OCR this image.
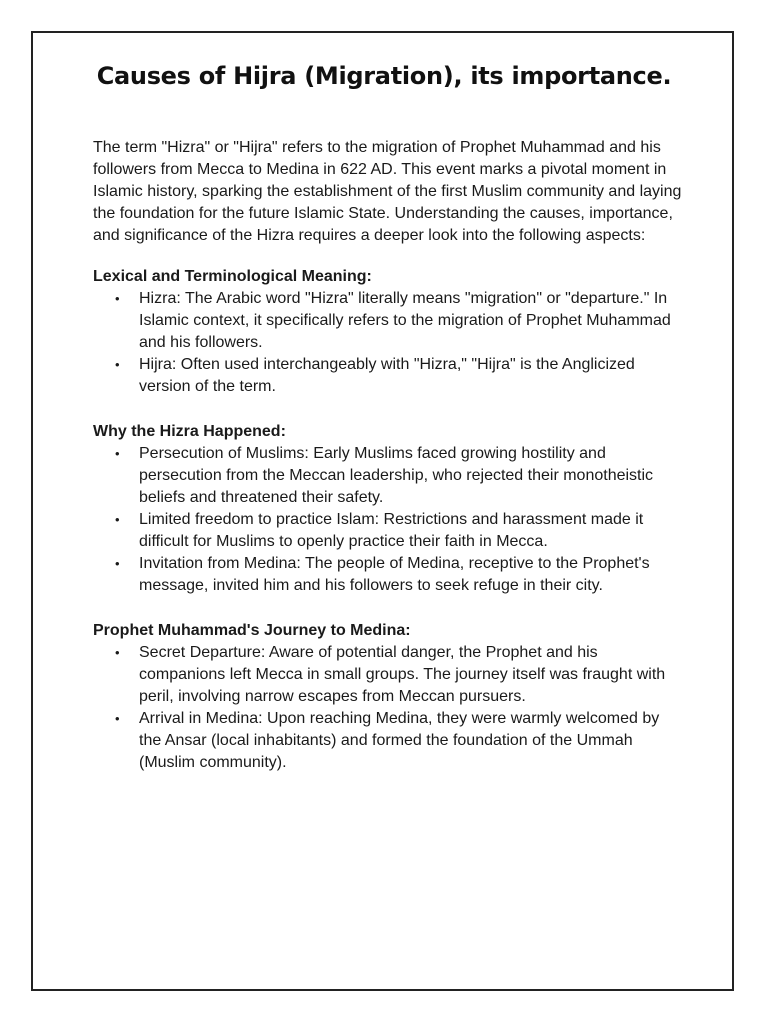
Causes of Hijra (Migration), its importance.

The term "Hizra" or "Hijra" refers to the migration of Prophet Muhammad and his followers from Mecca to Medina in 622 AD. This event marks a pivotal moment in Islamic history, sparking the establishment of the first Muslim community and laying the foundation for the future Islamic State. Understanding the causes, importance, and significance of the Hizra requires a deeper look into the following aspects:

Lexical and Terminological Meaning:
• Hizra: The Arabic word "Hizra" literally means "migration" or "departure." In Islamic context, it specifically refers to the migration of Prophet Muhammad and his followers.
• Hijra: Often used interchangeably with "Hizra," "Hijra" is the Anglicized version of the term.
Why the Hizra Happened:
• Persecution of Muslims: Early Muslims faced growing hostility and persecution from the Meccan leadership, who rejected their monotheistic beliefs and threatened their safety.
• Limited freedom to practice Islam: Restrictions and harassment made it difficult for Muslims to openly practice their faith in Mecca.
• Invitation from Medina: The people of Medina, receptive to the Prophet's message, invited him and his followers to seek refuge in their city.
Prophet Muhammad's Journey to Medina:
• Secret Departure: Aware of potential danger, the Prophet and his companions left Mecca in small groups. The journey itself was fraught with peril, involving narrow escapes from Meccan pursuers.
• Arrival in Medina: Upon reaching Medina, they were warmly welcomed by the Ansar (local inhabitants) and formed the foundation of the Ummah (Muslim community).
